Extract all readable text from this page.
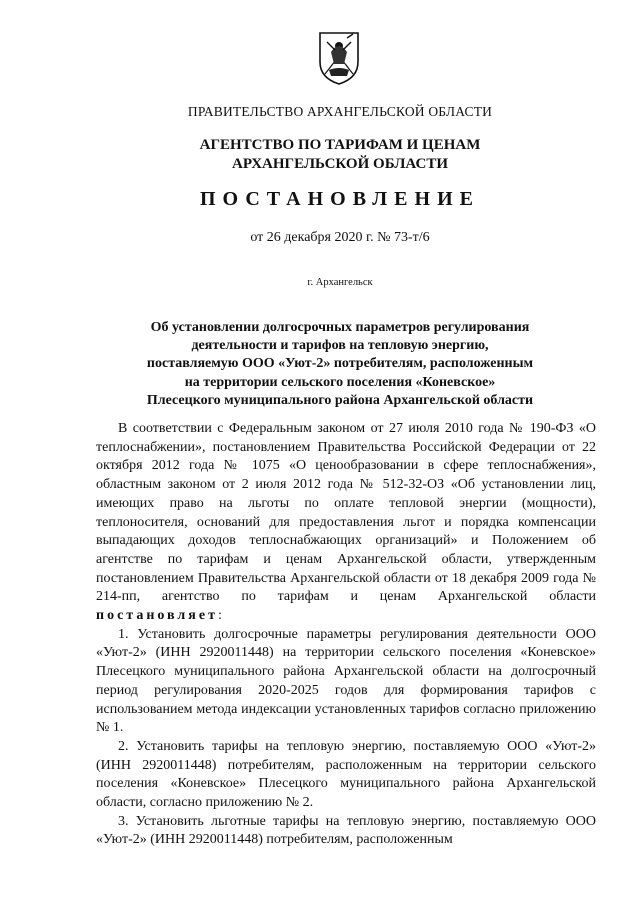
ПРАВИТЕЛЬСТВО АРХАНГЕЛЬСКОЙ ОБЛАСТИ
АГЕНТСТВО ПО ТАРИФАМ И ЦЕНАМ
АРХАНГЕЛЬСКОЙ ОБЛАСТИ
ПОСТАНОВЛЕНИЕ
от 26 декабря 2020 г. № 73-т/6
г. Архангельск
Об установлении долгосрочных параметров регулирования
деятельности и тарифов на тепловую энергию,
поставляемую ООО «Уют-2» потребителям, расположенным
на территории сельского поселения «Коневское»
Плесецкого муниципального района Архангельской области

В соответствии с Федеральным законом от 27 июля 2010 года № 190-ФЗ «О теплоснабжении», постановлением Правительства Российской Федерации от 22 октября 2012 года № 1075 «О ценообразовании в сфере теплоснабжения», областным законом от 2 июля 2012 года № 512-32-ОЗ «Об установлении лиц, имеющих право на льготы по оплате тепловой энергии (мощности), теплоносителя, оснований для предоставления льгот и порядка компенсации выпадающих доходов теплоснабжающих организаций» и Положением об агентстве по тарифам и ценам Архангельской области, утвержденным постановлением Правительства Архангельской области от 18 декабря 2009 года № 214-пп, агентство по тарифам и ценам Архангельской области постановляет:

1. Установить долгосрочные параметры регулирования деятельности ООО «Уют-2» (ИНН 2920011448) на территории сельского поселения «Коневское» Плесецкого муниципального района Архангельской области на долгосрочный период регулирования 2020-2025 годов для формирования тарифов с использованием метода индексации установленных тарифов согласно приложению № 1.

2. Установить тарифы на тепловую энергию, поставляемую ООО «Уют-2» (ИНН 2920011448) потребителям, расположенным на территории сельского поселения «Коневское» Плесецкого муниципального района Архангельской области, согласно приложению № 2.

3. Установить льготные тарифы на тепловую энергию, поставляемую ООО «Уют-2» (ИНН 2920011448) потребителям, расположенным
